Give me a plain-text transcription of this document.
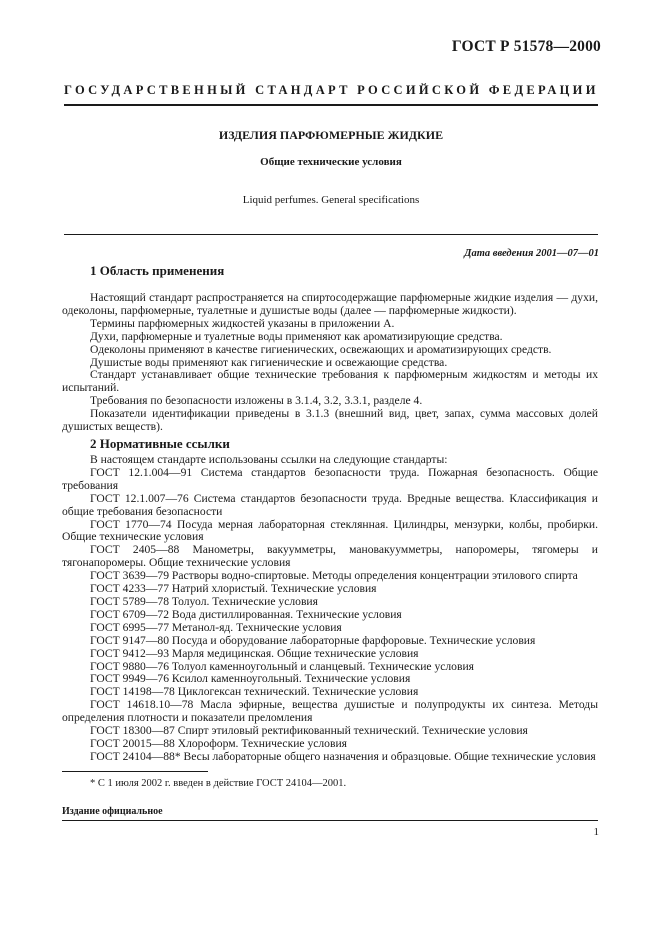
ГОСТ Р 51578—2000
ГОСУДАРСТВЕННЫЙ СТАНДАРТ РОССИЙСКОЙ ФЕДЕРАЦИИ
ИЗДЕЛИЯ ПАРФЮМЕРНЫЕ ЖИДКИЕ
Общие технические условия
Liquid perfumes. General specifications
Дата введения 2001—07—01
1 Область применения

Настоящий стандарт распространяется на спиртосодержащие парфюмерные жидкие изделия — духи, одеколоны, парфюмерные, туалетные и душистые воды (далее — парфюмерные жидкости).

Термины парфюмерных жидкостей указаны в приложении А.

Духи, парфюмерные и туалетные воды применяют как ароматизирующие средства.

Одеколоны применяют в качестве гигиенических, освежающих и ароматизирующих средств.

Душистые воды применяют как гигиенические и освежающие средства.

Стандарт устанавливает общие технические требования к парфюмерным жидкостям и методы их испытаний.

Требования по безопасности изложены в 3.1.4, 3.2, 3.3.1, разделе 4.

Показатели идентификации приведены в 3.1.3 (внешний вид, цвет, запах, сумма массовых долей душистых веществ).

2 Нормативные ссылки

В настоящем стандарте использованы ссылки на следующие стандарты:

ГОСТ 12.1.004—91 Система стандартов безопасности труда. Пожарная безопасность. Общие требования

ГОСТ 12.1.007—76 Система стандартов безопасности труда. Вредные вещества. Классификация и общие требования безопасности

ГОСТ 1770—74 Посуда мерная лабораторная стеклянная. Цилиндры, мензурки, колбы, пробирки. Общие технические условия

ГОСТ 2405—88 Манометры, вакуумметры, мановакуумметры, напоромеры, тягомеры и тягонапоромеры. Общие технические условия

ГОСТ 3639—79 Растворы водно-спиртовые. Методы определения концентрации этилового спирта

ГОСТ 4233—77 Натрий хлористый. Технические условия

ГОСТ 5789—78 Толуол. Технические условия

ГОСТ 6709—72 Вода дистиллированная. Технические условия

ГОСТ 6995—77 Метанол-яд. Технические условия

ГОСТ 9147—80 Посуда и оборудование лабораторные фарфоровые. Технические условия

ГОСТ 9412—93 Марля медицинская. Общие технические условия

ГОСТ 9880—76 Толуол каменноугольный и сланцевый. Технические условия

ГОСТ 9949—76 Ксилол каменноугольный. Технические условия

ГОСТ 14198—78 Циклогексан технический. Технические условия

ГОСТ 14618.10—78 Масла эфирные, вещества душистые и полупродукты их синтеза. Методы определения плотности и показатели преломления

ГОСТ 18300—87 Спирт этиловый ректификованный технический. Технические условия

ГОСТ 20015—88 Хлороформ. Технические условия

ГОСТ 24104—88* Весы лабораторные общего назначения и образцовые. Общие технические условия

* С 1 июля 2002 г. введен в действие ГОСТ 24104—2001.
Издание официальное
1
